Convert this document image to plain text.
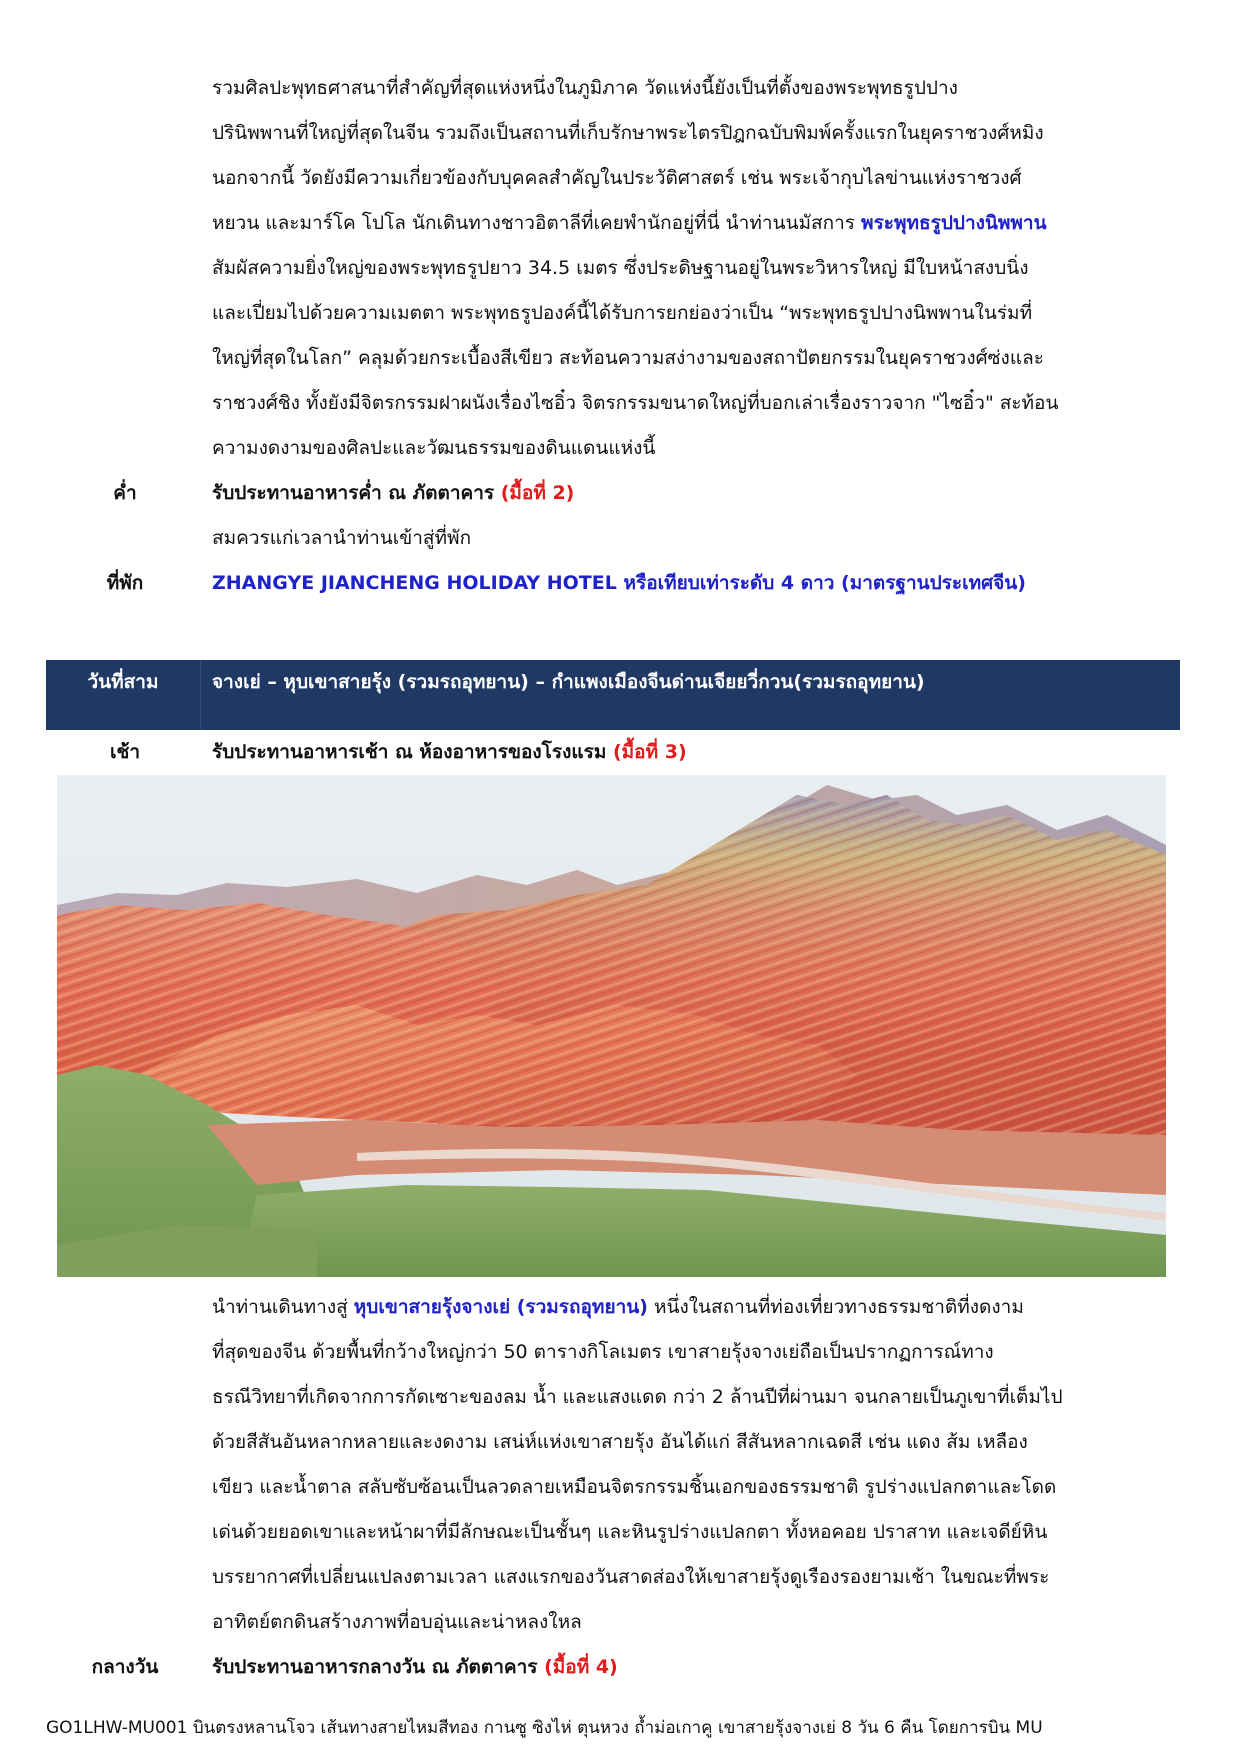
รวมศิลปะพุทธศาสนาที่สำคัญที่สุดแห่งหนึ่งในภูมิภาค วัดแห่งนี้ยังเป็นที่ตั้งของพระพุทธรูปปาง
ปรินิพพานที่ใหญ่ที่สุดในจีน รวมถึงเป็นสถานที่เก็บรักษาพระไตรปิฎกฉบับพิมพ์ครั้งแรกในยุคราชวงศ์หมิง
นอกจากนี้ วัดยังมีความเกี่ยวข้องกับบุคคลสำคัญในประวัติศาสตร์ เช่น พระเจ้ากุบไลข่านแห่งราชวงศ์
หยวน และมาร์โค โปโล นักเดินทางชาวอิตาลีที่เคยพำนักอยู่ที่นี่ นำท่านนมัสการ พระพุทธรูปปางนิพพาน
สัมผัสความยิ่งใหญ่ของพระพุทธรูปยาว 34.5 เมตร ซึ่งประดิษฐานอยู่ในพระวิหารใหญ่ มีใบหน้าสงบนิ่ง
และเปี่ยมไปด้วยความเมตตา พระพุทธรูปองค์นี้ได้รับการยกย่องว่าเป็น “พระพุทธรูปปางนิพพานในร่มที่
ใหญ่ที่สุดในโลก” คลุมด้วยกระเบื้องสีเขียว สะท้อนความสง่างามของสถาปัตยกรรมในยุคราชวงศ์ซ่งและ
ราชวงศ์ชิง ทั้งยังมีจิตรกรรมฝาผนังเรื่องไซอิ๋ว จิตรกรรมขนาดใหญ่ที่บอกเล่าเรื่องราวจาก "ไซอิ๋ว" สะท้อน
ความงดงามของศิลปะและวัฒนธรรมของดินแดนแห่งนี้
ค่ำ	รับประทานอาหารค่ำ ณ ภัตตาคาร (มื้อที่ 2)
สมควรแก่เวลานำท่านเข้าสู่ที่พัก
ที่พัก	ZHANGYE JIANCHENG HOLIDAY HOTEL หรือเทียบเท่าระดับ 4 ดาว (มาตรฐานประเทศจีน)
วันที่สาม	จางเย่ – หุบเขาสายรุ้ง (รวมรถอุทยาน) – กำแพงเมืองจีนด่านเจียยวี่กวน(รวมรถอุทยาน)
เช้า	รับประทานอาหารเช้า ณ ห้องอาหารของโรงแรม (มื้อที่ 3)
นำท่านเดินทางสู่ หุบเขาสายรุ้งจางเย่ (รวมรถอุทยาน) หนึ่งในสถานที่ท่องเที่ยวทางธรรมชาติที่งดงาม
ที่สุดของจีน ด้วยพื้นที่กว้างใหญ่กว่า 50 ตารางกิโลเมตร เขาสายรุ้งจางเย่ถือเป็นปรากฏการณ์ทาง
ธรณีวิทยาที่เกิดจากการกัดเซาะของลม น้ำ และแสงแดด กว่า 2 ล้านปีที่ผ่านมา จนกลายเป็นภูเขาที่เต็มไป
ด้วยสีสันอันหลากหลายและงดงาม เสน่ห์แห่งเขาสายรุ้ง อันได้แก่ สีสันหลากเฉดสี เช่น แดง ส้ม เหลือง
เขียว และน้ำตาล สลับซับซ้อนเป็นลวดลายเหมือนจิตรกรรมชิ้นเอกของธรรมชาติ รูปร่างแปลกตาและโดด
เด่นด้วยยอดเขาและหน้าผาที่มีลักษณะเป็นชั้นๆ และหินรูปร่างแปลกตา ทั้งหอคอย ปราสาท และเจดีย์หิน
บรรยากาศที่เปลี่ยนแปลงตามเวลา แสงแรกของวันสาดส่องให้เขาสายรุ้งดูเรืองรองยามเช้า ในขณะที่พระ
อาทิตย์ตกดินสร้างภาพที่อบอุ่นและน่าหลงใหล
กลางวัน	รับประทานอาหารกลางวัน ณ ภัตตาคาร (มื้อที่ 4)
GO1LHW-MU001 บินตรงหลานโจว เส้นทางสายไหมสีทอง กานซู ซิงไห่ ตุนหวง ถ้ำม่อเกาคู เขาสายรุ้งจางเย่ 8 วัน 6 คืน โดยการบิน MU
